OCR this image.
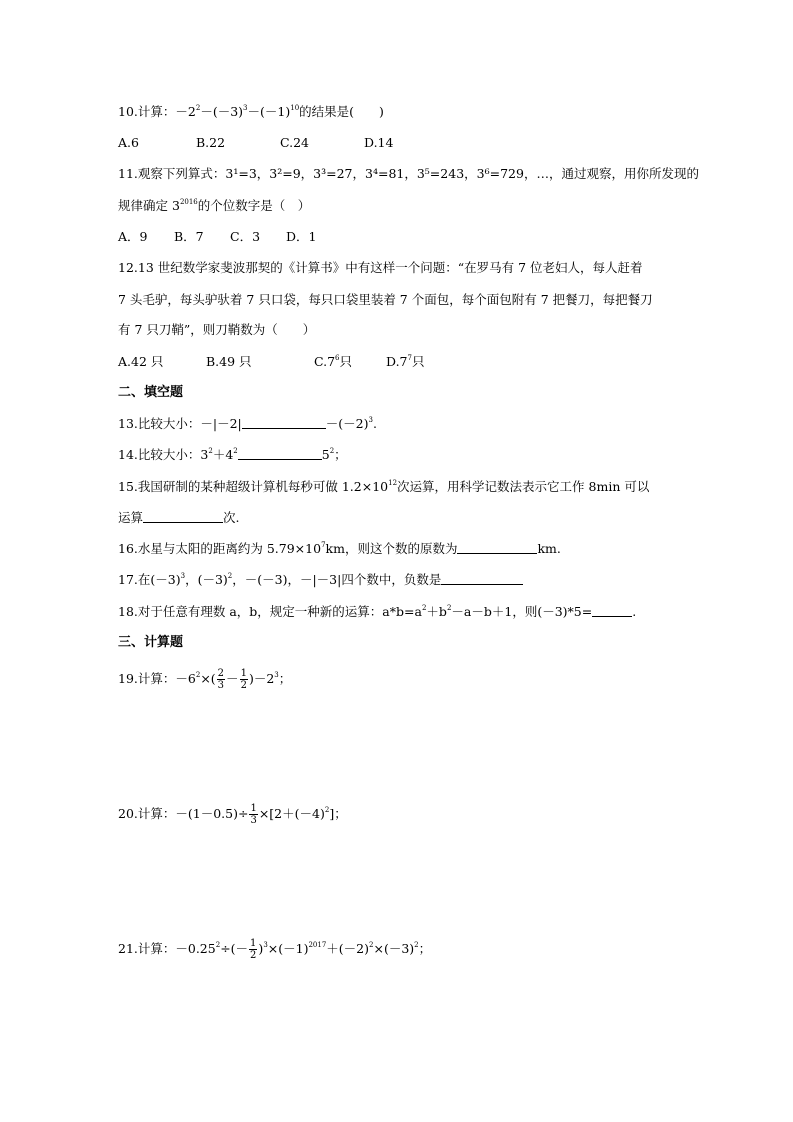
10.计算：$-2^2-(-3)^3-(-1)^{10}$的结果是(　　)
A.6	B.22	C.24	D.14
11.观察下列算式：3¹=3，3²=9，3³=27，3⁴=81，3⁵=243，3⁶=729，…，通过观察，用你所发现的
规律确定 $3^{2016}$的个位数字是（　）
A．9 B．7 C．3 D．1
12.13 世纪数学家斐波那契的《计算书》中有这样一个问题：“在罗马有 7 位老妇人，每人赶着
7 头毛驴，每头驴驮着 7 只口袋，每只口袋里装着 7 个面包，每个面包附有 7 把餐刀，每把餐刀
有 7 只刀鞘”，则刀鞘数为（　　）
A.42 只	B.49 只	$C.7^6$只	$D.7^7$只
二、填空题
13.比较大小：－|－2|	$-(-2)^3$.
14.比较大小：$3^2+4^2$	$5^2$；
15.我国研制的某种超级计算机每秒可做 $1.2\times 10^{12}$次运算，用科学记数法表示它工作 8min 可以
运算	次.
16.水星与太阳的距离约为 $5.79\times 10^7km$，则这个数的原数为	km.
17.在$(-3)^3$，$(-3)^2$，－(－3)，－|－3|四个数中，负数是
18.对于任意有理数 a，b，规定一种新的运算：$a*b=a^2+b^2-a-b+1$，则(－3)*5=	.
三、计算题
19.计算：$-6^2\times( \frac{2}{3} - \frac{1}{2} )-2^3$；
20.计算：$-(1-0.5)\div \frac{1}{3} \times[2+(-4)^2]$；
21.计算：$-0.25^2\div(- \frac{1}{2} )^3\times(-1)^{2017}+(-2)^2\times(-3)^2$；
